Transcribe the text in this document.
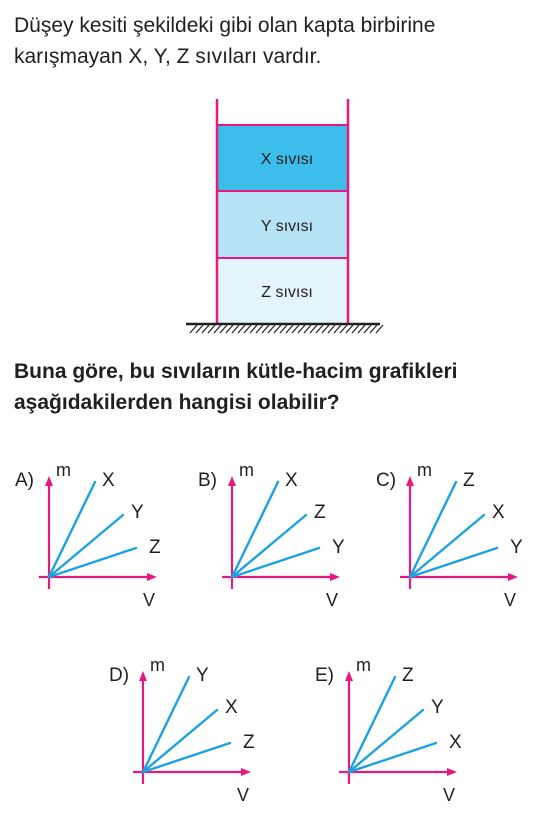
Düşey kesiti şekildeki gibi olan kapta birbirine karışmayan X, Y, Z sıvıları vardır.

X sıvısı
Y sıvısı
Z sıvısı
A) m
V
X
Y
Z
B) m
V
X
Z
Y
C) m
V
Z
X
Y
D) m
V
Y
X
Z
E) m
V
Z
Y
X

Buna göre, bu sıvıların kütle-hacim grafikleri aşağıdakilerden hangisi olabilir?
